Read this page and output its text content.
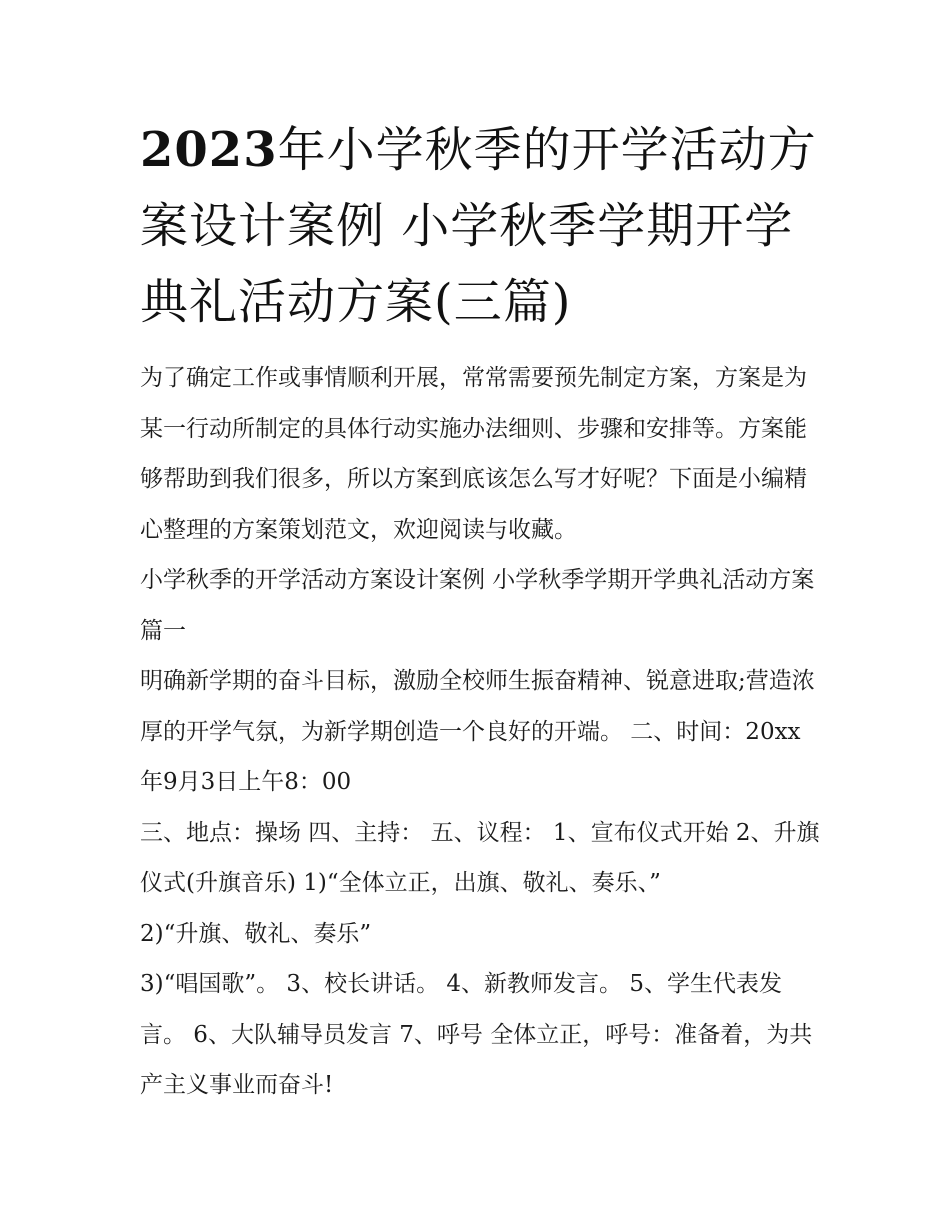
2023年小学秋季的开学活动方案设计案例 小学秋季学期开学典礼活动方案(三篇)

为了确定工作或事情顺利开展，常常需要预先制定方案，方案是为某一行动所制定的具体行动实施办法细则、步骤和安排等。方案能够帮助到我们很多，所以方案到底该怎么写才好呢？下面是小编精心整理的方案策划范文，欢迎阅读与收藏。

小学秋季的开学活动方案设计案例 小学秋季学期开学典礼活动方案篇一

明确新学期的奋斗目标，激励全校师生振奋精神、锐意进取;营造浓厚的开学气氛，为新学期创造一个良好的开端。 二、时间：20xx年9月3日上午8：00

三、地点：操场 四、主持： 五、议程： 1、宣布仪式开始 2、升旗仪式(升旗音乐) 1)“全体立正，出旗、敬礼、奏乐、”

2)“升旗、敬礼、奏乐”

3)“唱国歌”。 3、校长讲话。 4、新教师发言。 5、学生代表发言。 6、大队辅导员发言 7、呼号 全体立正，呼号：准备着，为共产主义事业而奋斗!
